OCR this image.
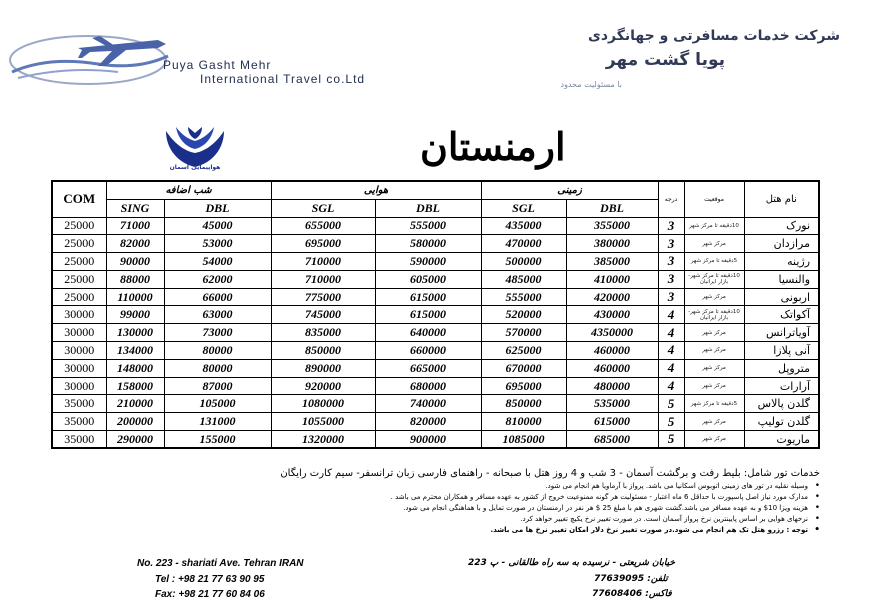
Puya Gasht Mehr
International Travel co.Ltd
شرکت خدمات مسافرتی و جهانگردی
پویا گشت مهر
با مسئولیت محدود
هواپیمایی آسمان	ارمنستان
COM	شب اضافه		هوایی		زمینی		درجه	موقعیت	نام هتل
	SING	DBL	SGL	DBL	SGL	DBL			
25000	71000	45000	655000	555000	435000	355000	3	10دقیقه تا مرکز شهر	نورک
25000	82000	53000	695000	580000	470000	380000	3	مرکز شهر	مرازدان
25000	90000	54000	710000	590000	500000	385000	3	5دقیقه تا مرکز شهر	رژینه
25000	88000	62000	710000	605000	485000	410000	3	10دقیقه تا مرکز شهر-بازار ایرانیان	والنسیا
25000	110000	66000	775000	615000	555000	420000	3	مرکز شهر	اربونی
30000	99000	63000	745000	615000	520000	430000	4	10دقیقه تا مرکز شهر-بازار ایرانیان	آکواتک
30000	130000	73000	835000	640000	570000	4350000	4	مرکز شهر	آویاترانس
30000	134000	80000	850000	660000	625000	460000	4	مرکز شهر	آنی پلازا
30000	148000	80000	890000	665000	670000	460000	4	مرکز شهر	متروپل
30000	158000	87000	920000	680000	695000	480000	4	مرکز شهر	آرارات
35000	210000	105000	1080000	740000	850000	535000	5	5دقیقه تا مرکز شهر	گلدن پالاس
35000	200000	131000	1055000	820000	810000	615000	5	مرکز شهر	گلدن تولیپ
35000	290000	155000	1320000	900000	1085000	685000	5	مرکز شهر	ماریوت
خدمات تور شامل: بلیط رفت و برگشت آسمان - 3 شب و 4 روز هتل با صبحانه - راهنمای فارسی زبان ترانسفر- سیم کارت رایگان
• وسیله نقلیه در تور های زمینی اتوبوس اسکانیا می باشد. پرواز با آرماویا هم انجام می شود.
• مدارک مورد نیاز اصل پاسپورت با حداقل 6 ماه اعتبار - مسئولیت هر گونه ممنوعیت خروج از کشور به عهده مسافر و همکاران محترم می باشد .
• هزینه ویزا 10$ و به عهده مسافر می باشد.گشت شهری هم با مبلغ 25 $ هر نفر در ارمنستان در صورت تمایل و با هماهنگی انجام می شود.
• نرخهای هوایی بر اساس پایینترین نرخ پرواز آسمان است. در صورت تغییر نرخ یکیچ تغییر خواهد کرد.
• توجه : رزرو هتل تک هم انجام می شود.در صورت تغییر نرخ دلار امکان تغییر نرخ ها می باشد.
No. 223 - shariati Ave. Tehran IRAN
Tel : +98 21 77 63 90 95
Fax: +98 21 77 60 84 06
خیابان شریعتی - نرسیده به سه راه طالقانی - پ 223
تلفن: 77639095
فاکس: 77608406
